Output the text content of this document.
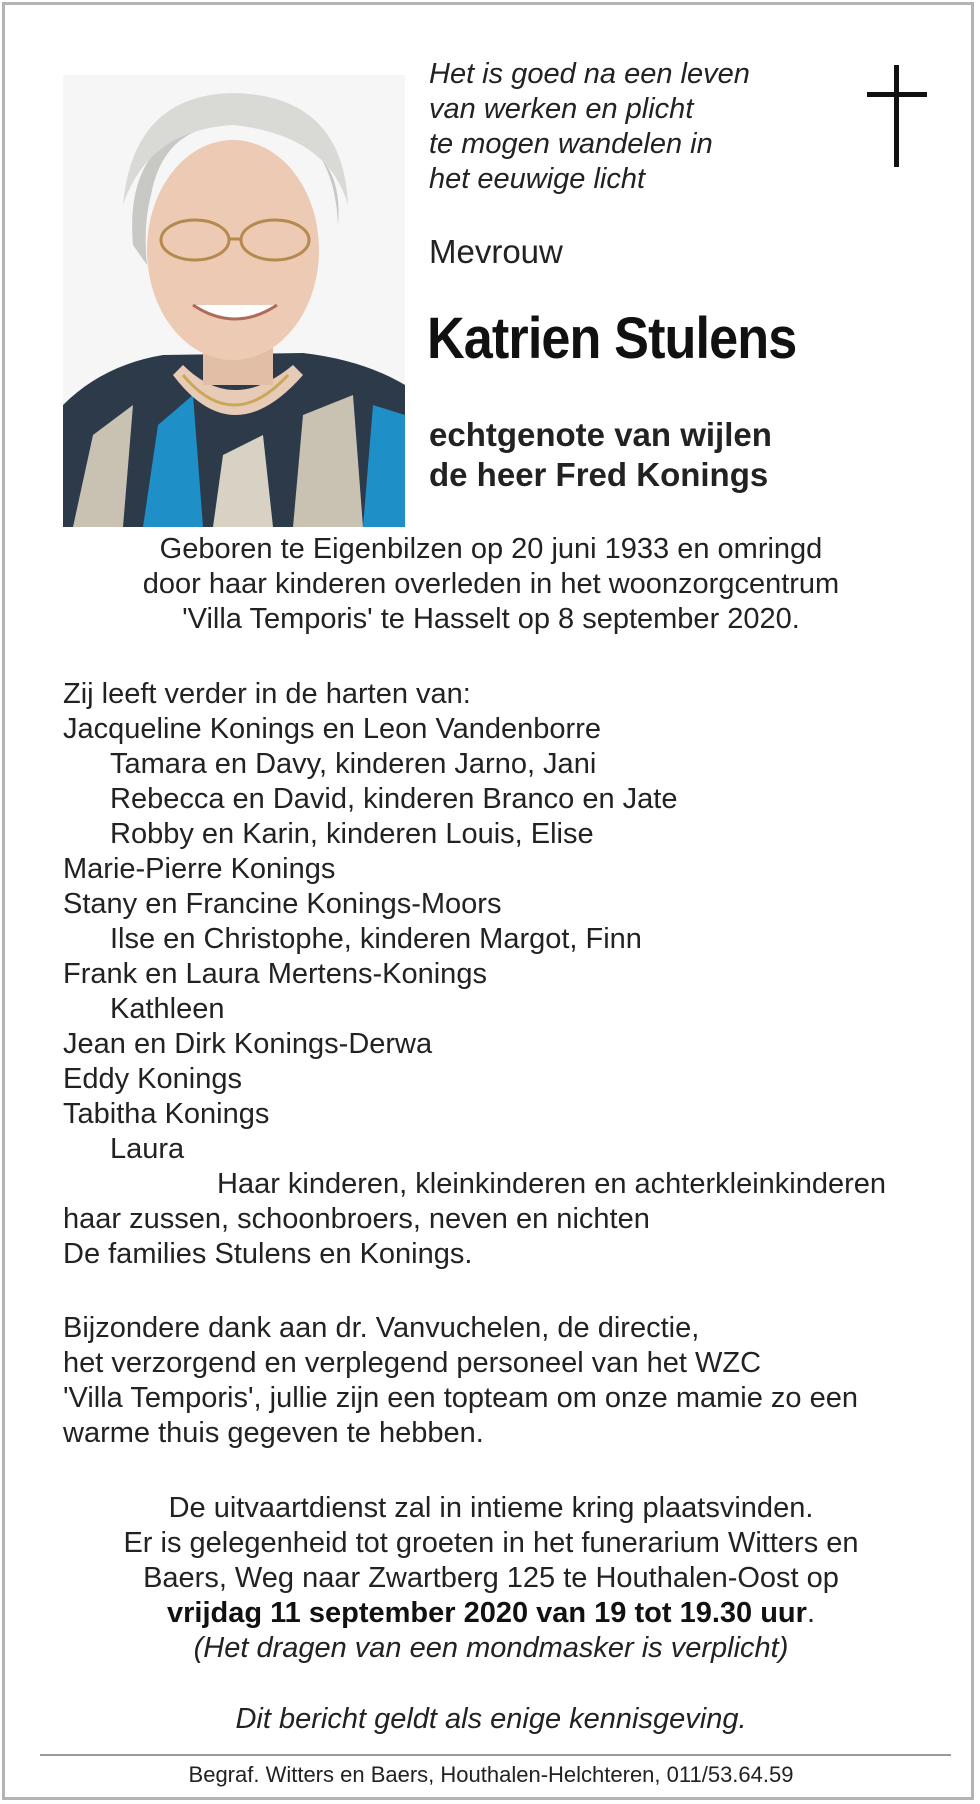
Het is goed na een leven
van werken en plicht
te mogen wandelen in
het eeuwige licht
Mevrouw
Katrien Stulens
echtgenote van wijlen
de heer Fred Konings
Geboren te Eigenbilzen op 20 juni 1933 en omringd
door haar kinderen overleden in het woonzorgcentrum
'Villa Temporis' te Hasselt op 8 september 2020.
Zij leeft verder in de harten van:
Jacqueline Konings en Leon Vandenborre
Tamara en Davy, kinderen Jarno, Jani
Rebecca en David, kinderen Branco en Jate
Robby en Karin, kinderen Louis, Elise
Marie-Pierre Konings
Stany en Francine Konings-Moors
Ilse en Christophe, kinderen Margot, Finn
Frank en Laura Mertens-Konings
Kathleen
Jean en Dirk Konings-Derwa
Eddy Konings
Tabitha Konings
Laura
Haar kinderen, kleinkinderen en achterkleinkinderen
haar zussen, schoonbroers, neven en nichten
De families Stulens en Konings.
Bijzondere dank aan dr. Vanvuchelen, de directie,
het verzorgend en verplegend personeel van het WZC
'Villa Temporis', jullie zijn een topteam om onze mamie zo een
warme thuis gegeven te hebben.
De uitvaartdienst zal in intieme kring plaatsvinden.
Er is gelegenheid tot groeten in het funerarium Witters en
Baers, Weg naar Zwartberg 125 te Houthalen-Oost op
vrijdag 11 september 2020 van 19 tot 19.30 uur.
(Het dragen van een mondmasker is verplicht)
Dit bericht geldt als enige kennisgeving.
Begraf. Witters en Baers, Houthalen-Helchteren, 011/53.64.59
